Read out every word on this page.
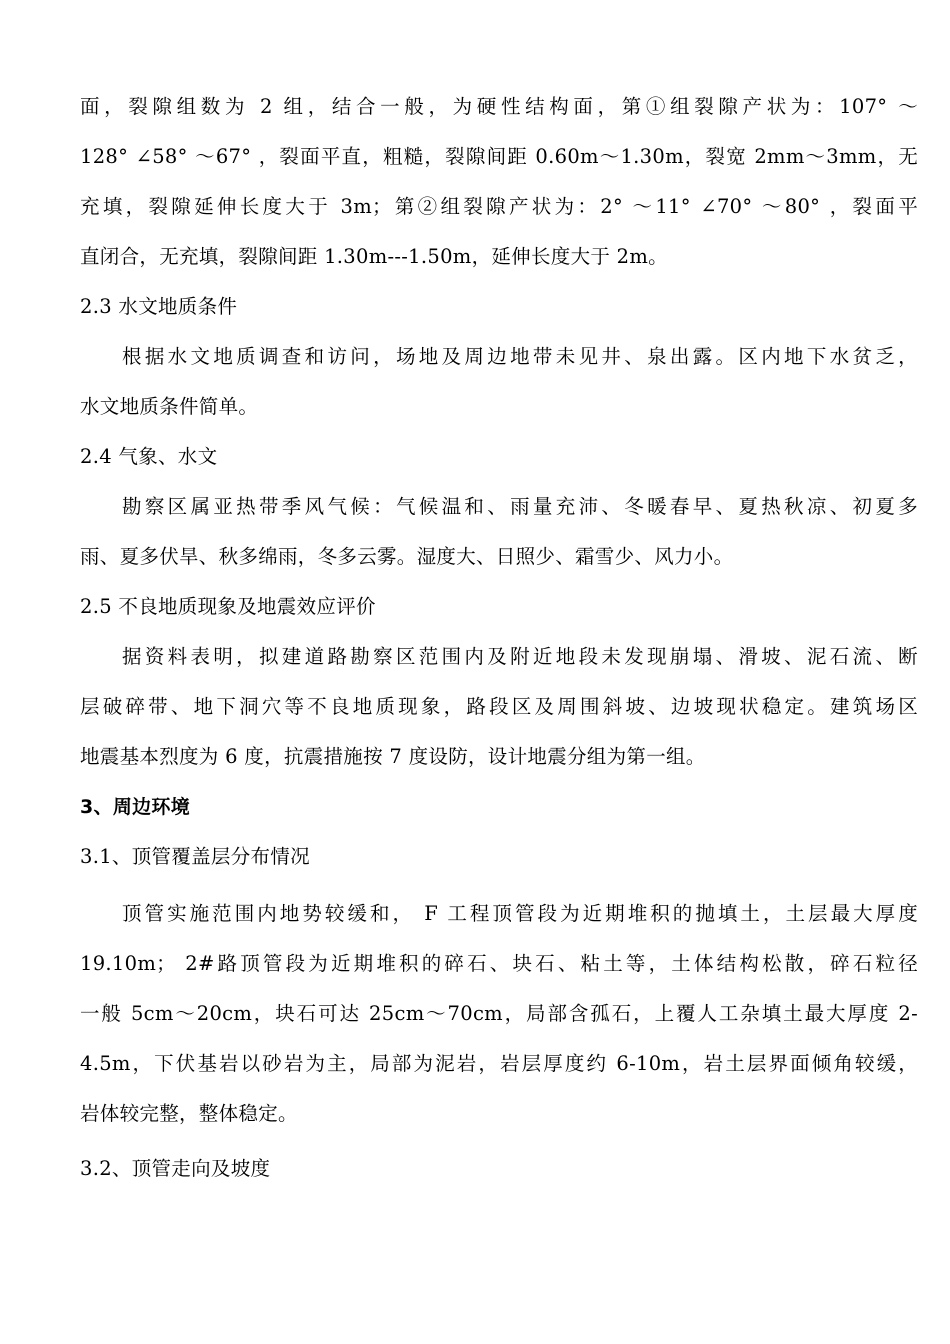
面，裂隙组数为 2 组，结合一般，为硬性结构面，第①组裂隙产状为：107° ～
128° ∠58° ～67° ，裂面平直，粗糙，裂隙间距 0.60m～1.30m，裂宽 2mm～3mm，无
充填，裂隙延伸长度大于 3m；第②组裂隙产状为：2° ～11° ∠70° ～80° ，裂面平
直闭合，无充填，裂隙间距 1.30m---1.50m，延伸长度大于 2m。
2.3 水文地质条件
根据水文地质调查和访问，场地及周边地带未见井、泉出露。区内地下水贫乏，
水文地质条件简单。
2.4 气象、水文
勘察区属亚热带季风气候：气候温和、雨量充沛、冬暖春早、夏热秋凉、初夏多
雨、夏多伏旱、秋多绵雨，冬多云雾。湿度大、日照少、霜雪少、风力小。
2.5 不良地质现象及地震效应评价
据资料表明，拟建道路勘察区范围内及附近地段未发现崩塌、滑坡、泥石流、断
层破碎带、地下洞穴等不良地质现象，路段区及周围斜坡、边坡现状稳定。建筑场区
地震基本烈度为 6 度，抗震措施按 7 度设防，设计地震分组为第一组。
3、周边环境
3.1、顶管覆盖层分布情况
顶管实施范围内地势较缓和， F 工程顶管段为近期堆积的抛填土，土层最大厚度
19.10m； 2#路顶管段为近期堆积的碎石、块石、粘土等，土体结构松散，碎石粒径
一般 5cm～20cm，块石可达 25cm～70cm，局部含孤石，上覆人工杂填土最大厚度 2-
4.5m，下伏基岩以砂岩为主，局部为泥岩，岩层厚度约 6-10m，岩土层界面倾角较缓，
岩体较完整，整体稳定。
3.2、顶管走向及坡度
